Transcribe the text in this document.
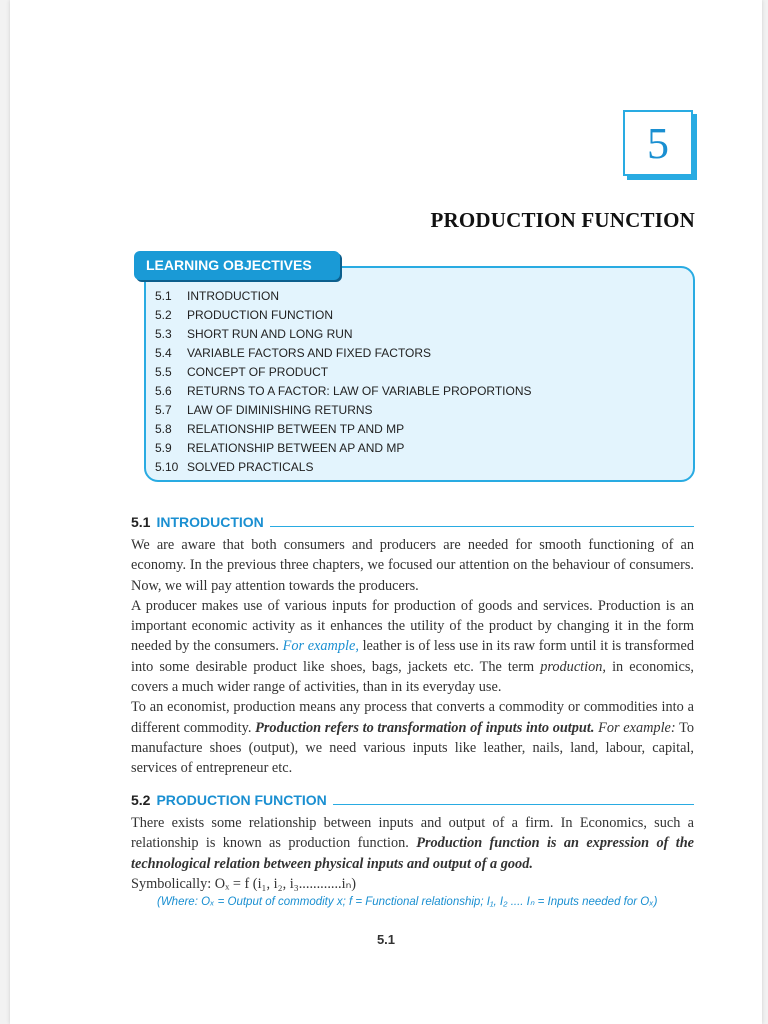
5
PRODUCTION FUNCTION
LEARNING OBJECTIVES
5.1	INTRODUCTION
5.2	PRODUCTION FUNCTION
5.3	SHORT RUN AND LONG RUN
5.4	VARIABLE FACTORS AND FIXED FACTORS
5.5	CONCEPT OF PRODUCT
5.6	RETURNS TO A FACTOR: LAW OF VARIABLE PROPORTIONS
5.7	LAW OF DIMINISHING RETURNS
5.8	RELATIONSHIP BETWEEN TP AND MP
5.9	RELATIONSHIP BETWEEN AP AND MP
5.10 SOLVED PRACTICALS
5.1 INTRODUCTION

We are aware that both consumers and producers are needed for smooth functioning of an economy. In the previous three chapters, we focused our attention on the behaviour of consumers. Now, we will pay attention towards the producers.

A producer makes use of various inputs for production of goods and services. Production is an important economic activity as it enhances the utility of the product by changing it in the form needed by the consumers. For example, leather is of less use in its raw form until it is transformed into some desirable product like shoes, bags, jackets etc. The term production, in economics, covers a much wider range of activities, than in its everyday use.

To an economist, production means any process that converts a commodity or commodities into a different commodity. Production refers to transformation of inputs into output. For example: To manufacture shoes (output), we need various inputs like leather, nails, land, labour, capital, services of entrepreneur etc.

5.2 PRODUCTION FUNCTION

There exists some relationship between inputs and output of a firm. In Economics, such a relationship is known as production function. Production function is an expression of the technological relation between physical inputs and output of a good.

Symbolically: Oₓ = f (i₁, i₂, i₃............iₙ)

(Where: Oₓ = Output of commodity x; f = Functional relationship; I₁, I₂ .... Iₙ = Inputs needed for Oₓ)
5.1
